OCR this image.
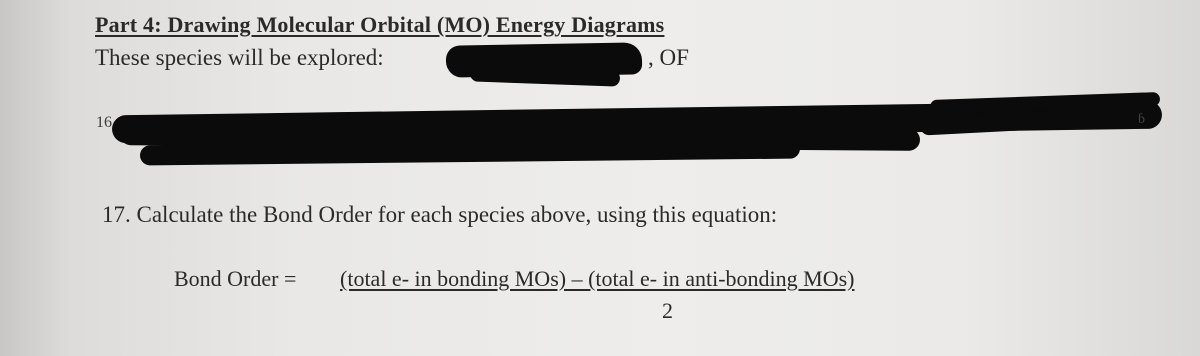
Part 4: Drawing Molecular Orbital (MO) Energy Diagrams
These species will be explored:	, OF
16	ɓ
17. Calculate the Bond Order for each species above, using this equation:
Bond Order = (total e- in bonding MOs) – (total e- in anti-bonding MOs)
2
